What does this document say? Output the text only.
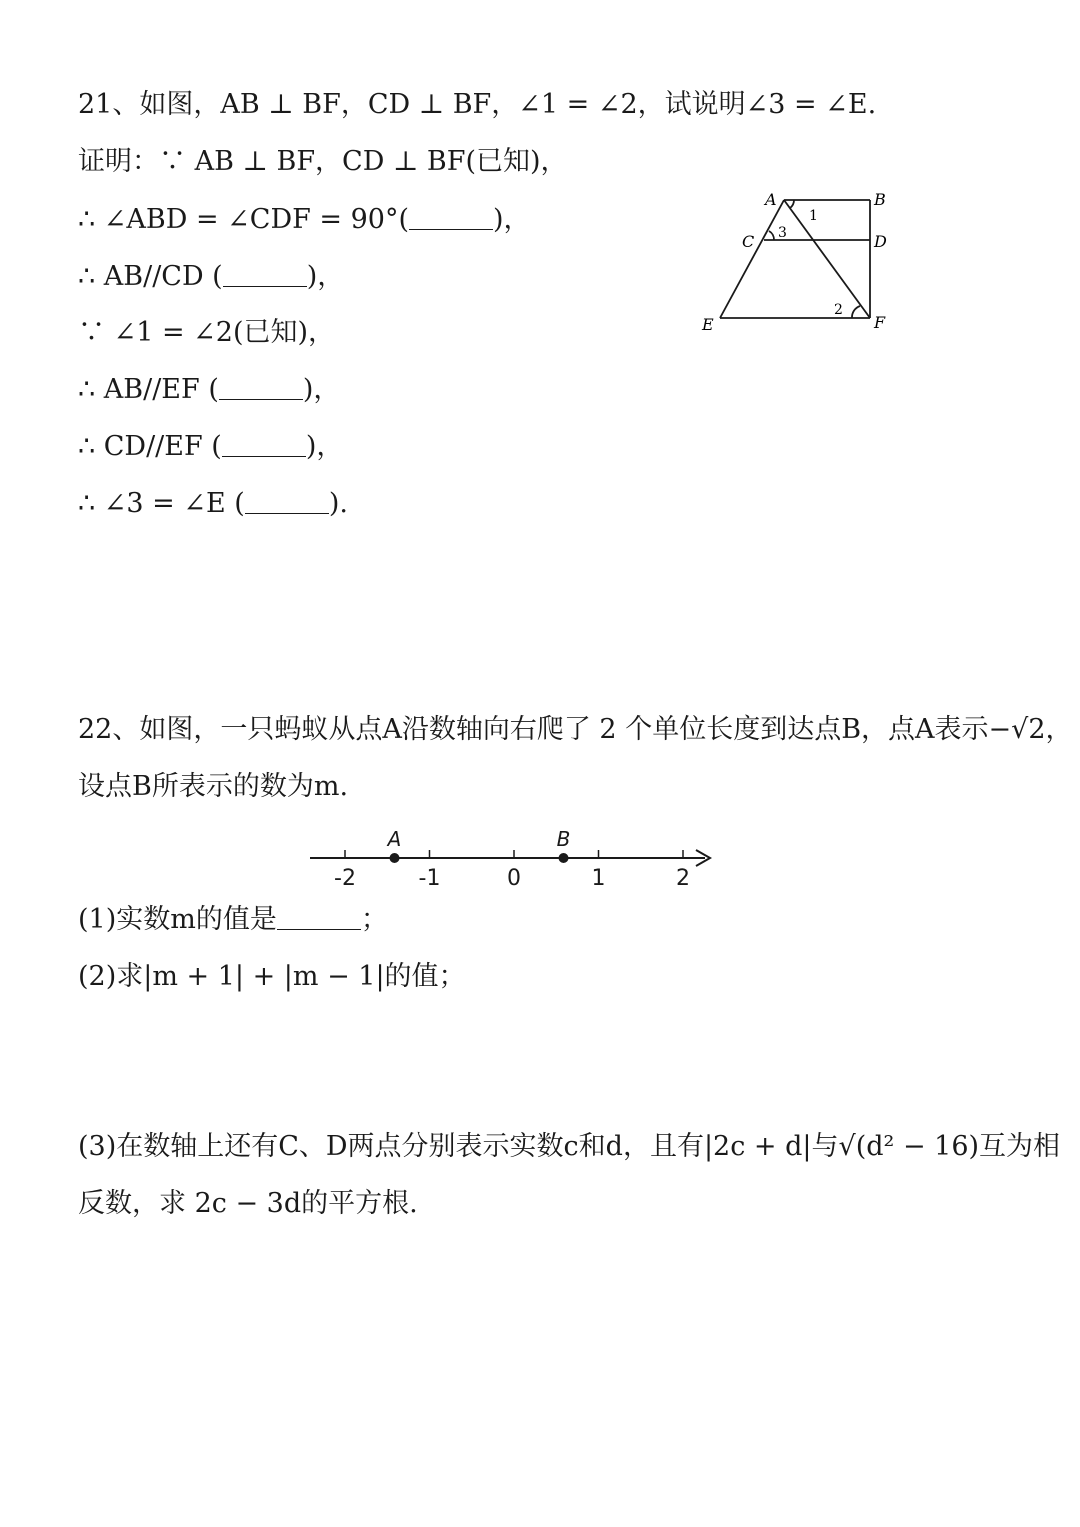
21、如图，AB ⊥ BF，CD ⊥ BF，∠1 = ∠2，试说明∠3 = ∠E.
证明：∵ AB ⊥ BF，CD ⊥ BF(已知)，
∴ ∠ABD = ∠CDF = 90°(	)，
∴ AB//CD (	)，
∵ ∠1 = ∠2(已知)，
∴ AB//EF (	)，
∴ CD//EF (	)，
∴ ∠3 = ∠E (	).
A	B
C	D
E	F
1
2
3
22、如图，一只蚂蚁从点A沿数轴向右爬了 2 个单位长度到达点B，点A表示−√2，
设点B所表示的数为m.
-2	-1	0	1	2
A	B
(1)实数m的值是	；
(2)求|m + 1| + |m − 1|的值；
(3)在数轴上还有C、D两点分别表示实数c和d，且有|2c + d|与√(d² − 16)互为相
反数，求 2c − 3d的平方根.
